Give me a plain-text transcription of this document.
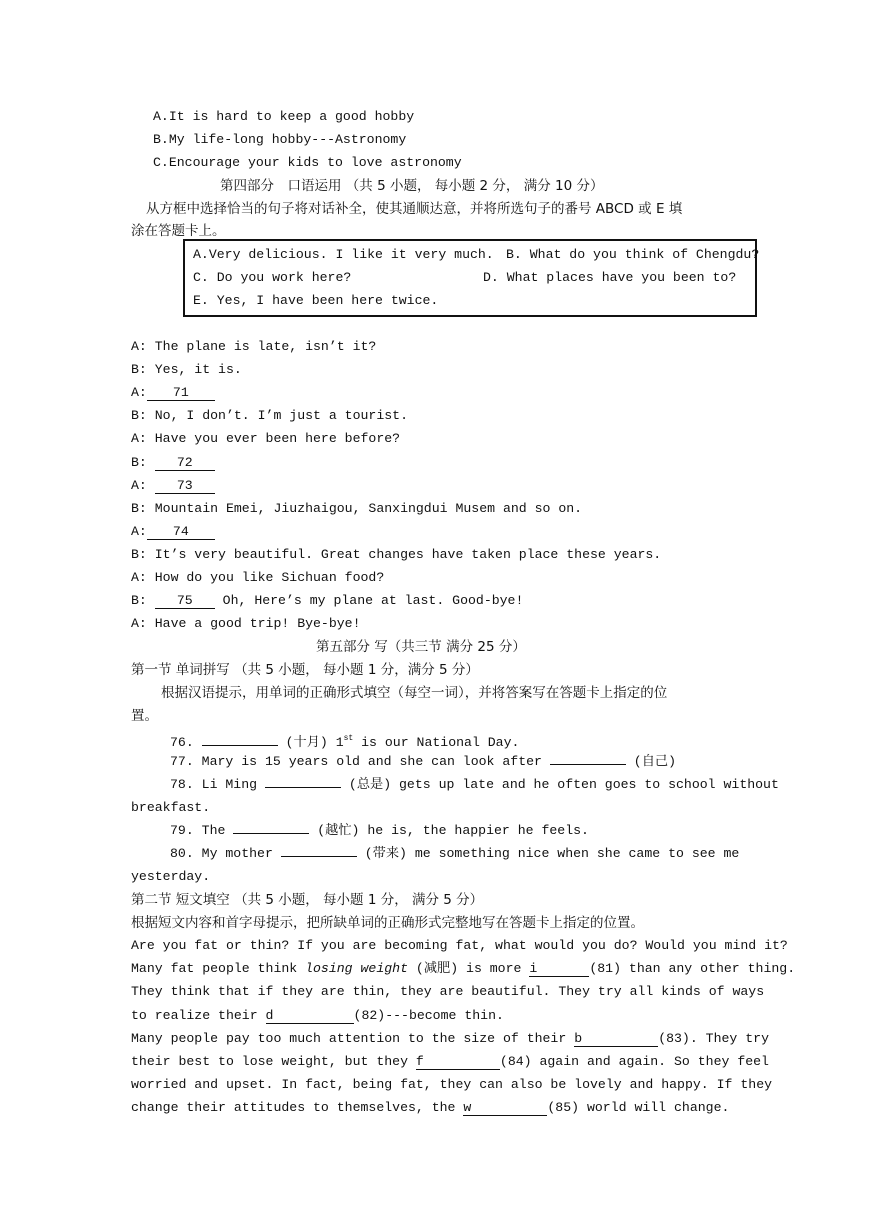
A.It is hard to keep a good hobby
B.My life-long hobby---Astronomy
C.Encourage your kids to love astronomy
第四部分　口语运用 （共 5 小题， 每小题 2 分， 满分 10 分）
从方框中选择恰当的句子将对话补全，使其通顺达意，并将所选句子的番号 ABCD 或 E 填
涂在答题卡上。
A.Very delicious. I like it very much. B. What do you think of Chengdu?
C. Do you work here?	D. What places have you been to?
E. Yes, I have been here twice.
A: The plane is late, isn’t it?
B: Yes, it is.
A: 71
B: No, I don’t. I’m just a tourist.
A: Have you ever been here before?
B: 72
A: 73
B: Mountain Emei, Jiuzhaigou, Sanxingdui Musem and so on.
A: 74
B: It’s very beautiful. Great changes have taken place these years.
A: How do you like Sichuan food?
B: 75 Oh, Here’s my plane at last. Good-bye!
A: Have a good trip! Bye-bye!
第五部分 写（共三节 满分 25 分）
第一节 单词拼写 （共 5 小题， 每小题 1 分，满分 5 分）
根据汉语提示，用单词的正确形式填空（每空一词），并将答案写在答题卡上指定的位
置。
76.	(十月) 1st is our National Day.
77. Mary is 15 years old and she can look after	(自己)
78. Li Ming	(总是) gets up late and he often goes to school without
breakfast.
79. The	(越忙) he is, the happier he feels.
80. My mother	(带来) me something nice when she came to see me
yesterday.
第二节 短文填空 （共 5 小题， 每小题 1 分， 满分 5 分）
根据短文内容和首字母提示，把所缺单词的正确形式完整地写在答题卡上指定的位置。
Are you fat or thin? If you are becoming fat, what would you do? Would you mind it?
Many fat people think losing weight (减肥) is more i	(81) than any other thing.
They think that if they are thin, they are beautiful. They try all kinds of ways
to realize their d	(82)---become thin.
Many people pay too much attention to the size of their b	(83). They try
their best to lose weight, but they f	(84) again and again. So they feel
worried and upset. In fact, being fat, they can also be lovely and happy. If they
change their attitudes to themselves, the w	(85) world will change.
